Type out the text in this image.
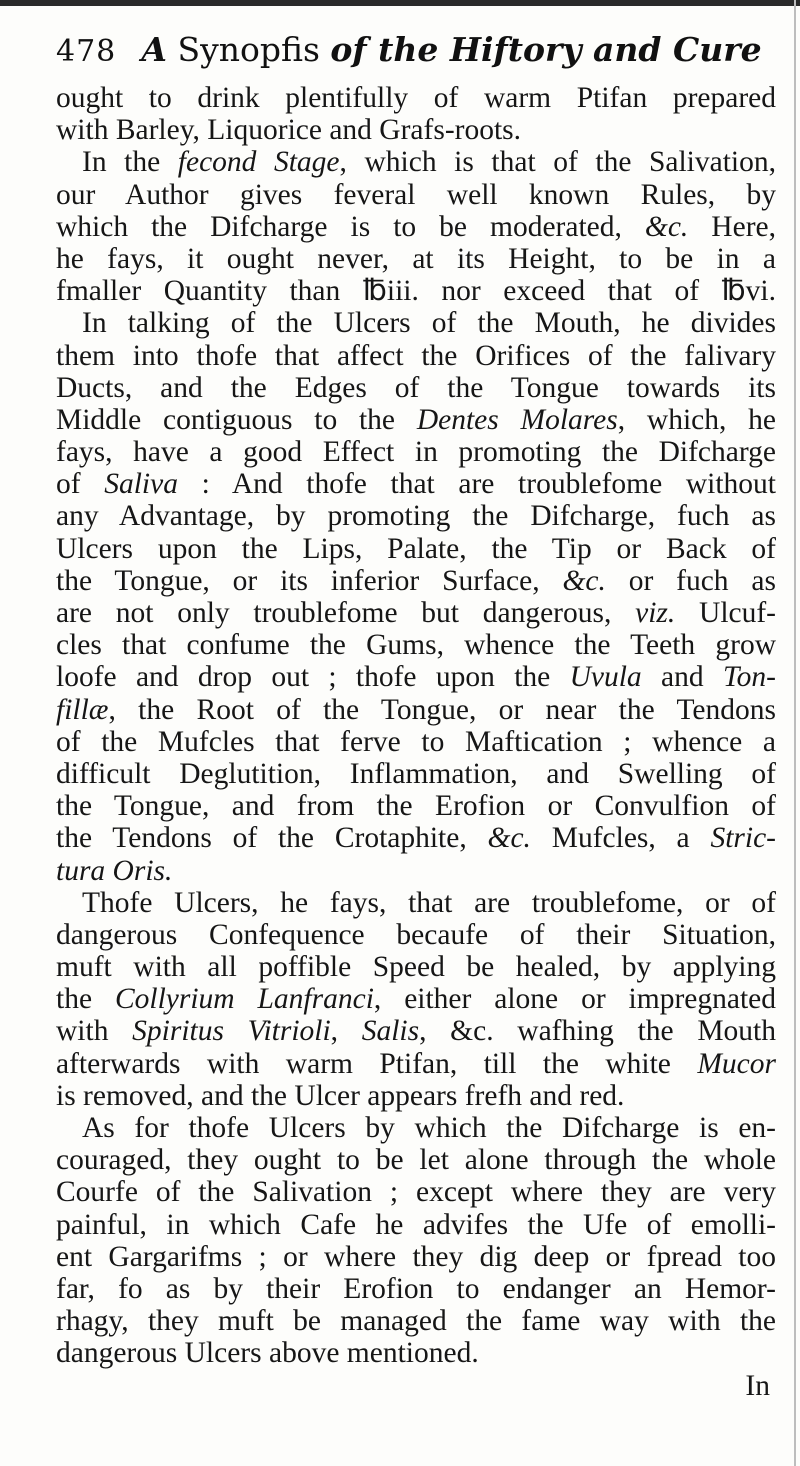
478 A Synopfis of the Hiftory and Cure
ought to drink plentifully of warm Ptifan prepared
with Barley, Liquorice and Grafs-roots.
In the fecond Stage, which is that of the Salivation,
our Author gives feveral well known Rules, by
which the Difcharge is to be moderated, &c. Here,
he fays, it ought never, at its Height, to be in a
fmaller Quantity than ℔iii. nor exceed that of ℔vi.
In talking of the Ulcers of the Mouth, he divides
them into thofe that affect the Orifices of the falivary
Ducts, and the Edges of the Tongue towards its
Middle contiguous to the Dentes Molares, which, he
fays, have a good Effect in promoting the Difcharge
of Saliva : And thofe that are troublefome without
any Advantage, by promoting the Difcharge, fuch as
Ulcers upon the Lips, Palate, the Tip or Back of
the Tongue, or its inferior Surface, &c. or fuch as
are not only troublefome but dangerous, viz. Ulcuf-
cles that confume the Gums, whence the Teeth grow
loofe and drop out ; thofe upon the Uvula and Ton-
fillæ, the Root of the Tongue, or near the Tendons
of the Mufcles that ferve to Maftication ; whence a
difficult Deglutition, Inflammation, and Swelling of
the Tongue, and from the Erofion or Convulfion of
the Tendons of the Crotaphite, &c. Mufcles, a Stric-
tura Oris.
Thofe Ulcers, he fays, that are troublefome, or of
dangerous Confequence becaufe of their Situation,
muft with all poffible Speed be healed, by applying
the Collyrium Lanfranci, either alone or impregnated
with Spiritus Vitrioli, Salis, &c. wafhing the Mouth
afterwards with warm Ptifan, till the white Mucor
is removed, and the Ulcer appears frefh and red.
As for thofe Ulcers by which the Difcharge is en-
couraged, they ought to be let alone through the whole
Courfe of the Salivation ; except where they are very
painful, in which Cafe he advifes the Ufe of emolli-
ent Gargarifms ; or where they dig deep or fpread too
far, fo as by their Erofion to endanger an Hemor-
rhagy, they muft be managed the fame way with the
dangerous Ulcers above mentioned.
In
